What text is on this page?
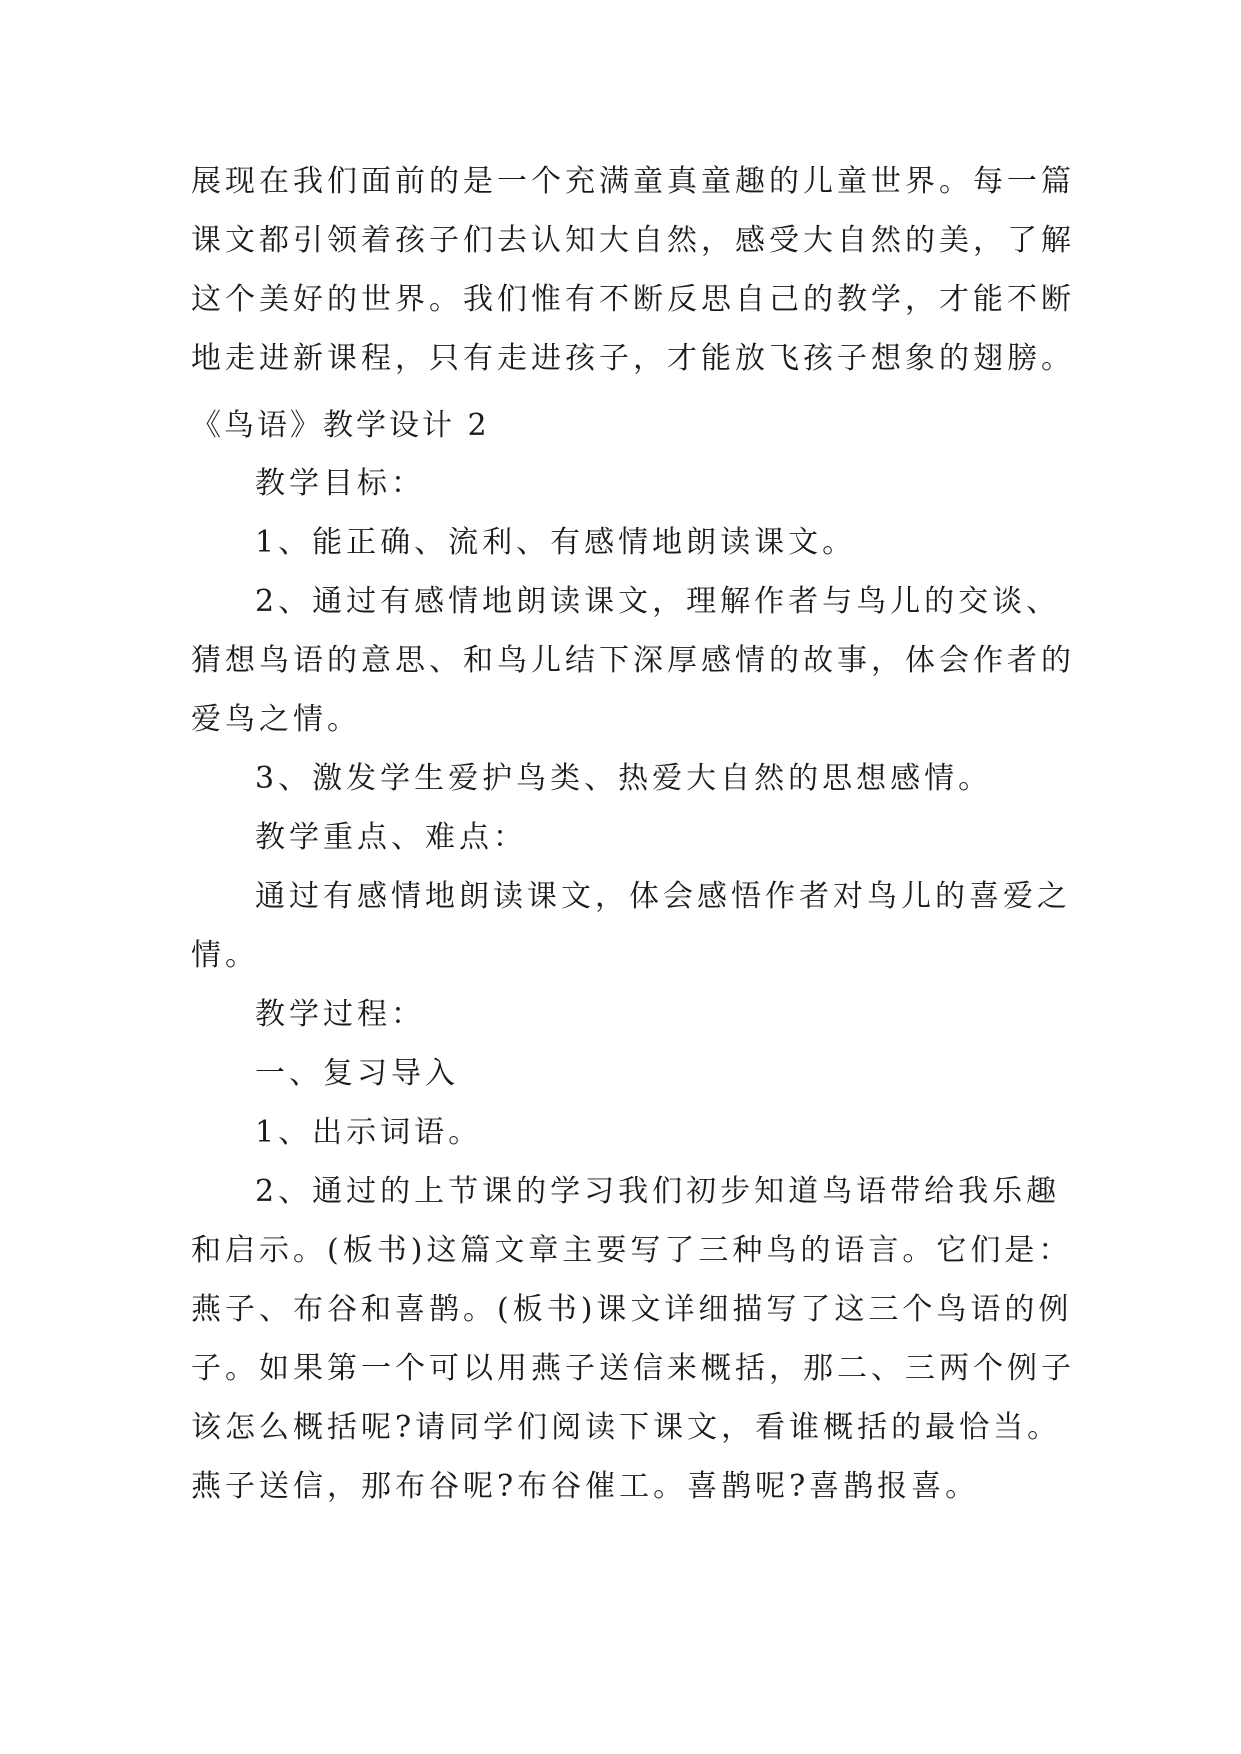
展现在我们面前的是一个充满童真童趣的儿童世界。每一篇
课文都引领着孩子们去认知大自然，感受大自然的美，了解
这个美好的世界。我们惟有不断反思自己的教学，才能不断
地走进新课程，只有走进孩子，才能放飞孩子想象的翅膀。
《鸟语》教学设计 2
教学目标：
1、能正确、流利、有感情地朗读课文。
2、通过有感情地朗读课文，理解作者与鸟儿的交谈、
猜想鸟语的意思、和鸟儿结下深厚感情的故事，体会作者的
爱鸟之情。
3、激发学生爱护鸟类、热爱大自然的思想感情。
教学重点、难点：
通过有感情地朗读课文，体会感悟作者对鸟儿的喜爱之
情。
教学过程：
一、复习导入
1、出示词语。
2、通过的上节课的学习我们初步知道鸟语带给我乐趣
和启示。(板书)这篇文章主要写了三种鸟的语言。它们是：
燕子、布谷和喜鹊。(板书)课文详细描写了这三个鸟语的例
子。如果第一个可以用燕子送信来概括，那二、三两个例子
该怎么概括呢?请同学们阅读下课文，看谁概括的最恰当。
燕子送信，那布谷呢?布谷催工。喜鹊呢?喜鹊报喜。
